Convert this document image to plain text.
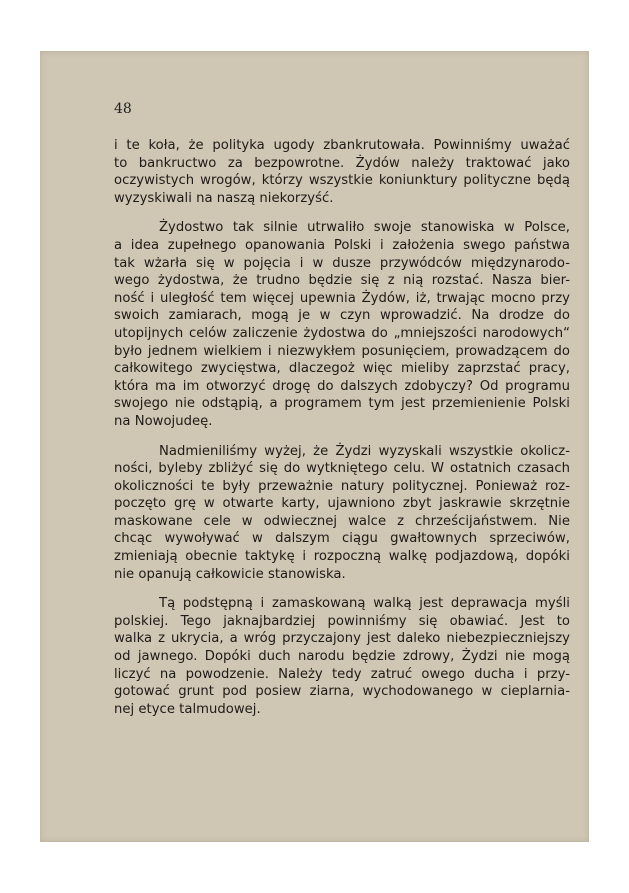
48
i te koła, że polityka ugody zbankrutowała. Powinniśmy uważać
to bankructwo za bezpowrotne. Żydów należy traktować jako
oczywistych wrogów, którzy wszystkie koniunktury polityczne będą
wyzyskiwali na naszą niekorzyść.
Żydostwo tak silnie utrwaliło swoje stanowiska w Polsce,
a idea zupełnego opanowania Polski i założenia swego państwa
tak wżarła się w pojęcia i w dusze przywódców międzynarodo-
wego żydostwa, że trudno będzie się z nią rozstać. Nasza bier-
ność i uległość tem więcej upewnia Żydów, iż, trwając mocno przy
swoich zamiarach, mogą je w czyn wprowadzić. Na drodze do
utopijnych celów zaliczenie żydostwa do „mniejszości narodowych“
było jednem wielkiem i niezwykłem posunięciem, prowadzącem do
całkowitego zwycięstwa, dlaczegoż więc mieliby zaprzstać pracy,
która ma im otworzyć drogę do dalszych zdobyczy? Od programu
swojego nie odstąpią, a programem tym jest przemienienie Polski
na Nowojudeę.
Nadmieniliśmy wyżej, że Żydzi wyzyskali wszystkie okolicz-
ności, byleby zbliżyć się do wytkniętego celu. W ostatnich czasach
okoliczności te były przeważnie natury politycznej. Ponieważ roz-
poczęto grę w otwarte karty, ujawniono zbyt jaskrawie skrzętnie
maskowane cele w odwiecznej walce z chrześcijaństwem. Nie
chcąc wywoływać w dalszym ciągu gwałtownych sprzeciwów,
zmieniają obecnie taktykę i rozpoczną walkę podjazdową, dopóki
nie opanują całkowicie stanowiska.
Tą podstępną i zamaskowaną walką jest deprawacja myśli
polskiej. Tego jaknajbardziej powinniśmy się obawiać. Jest to
walka z ukrycia, a wróg przyczajony jest daleko niebezpieczniejszy
od jawnego. Dopóki duch narodu będzie zdrowy, Żydzi nie mogą
liczyć na powodzenie. Należy tedy zatruć owego ducha i przy-
gotować grunt pod posiew ziarna, wychodowanego w cieplarnia-
nej etyce talmudowej.
